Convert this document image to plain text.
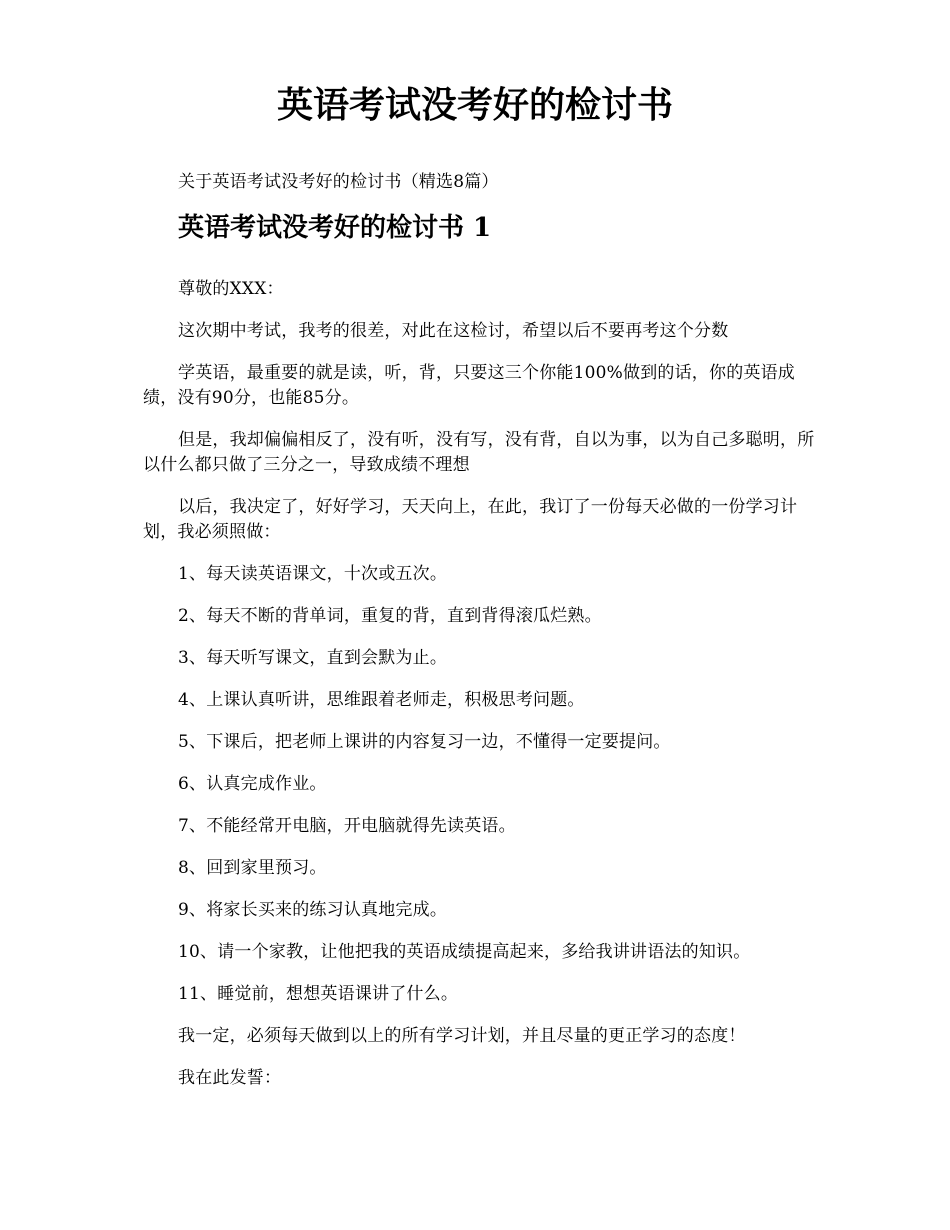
英语考试没考好的检讨书

关于英语考试没考好的检讨书（精选8篇）

英语考试没考好的检讨书 1

尊敬的XXX：

这次期中考试，我考的很差，对此在这检讨，希望以后不要再考这个分数

学英语，最重要的就是读，听，背，只要这三个你能100%做到的话，你的英语成绩，没有90分，也能85分。

但是，我却偏偏相反了，没有听，没有写，没有背，自以为事，以为自己多聪明，所以什么都只做了三分之一，导致成绩不理想

以后，我决定了，好好学习，天天向上，在此，我订了一份每天必做的一份学习计划，我必须照做：

1、每天读英语课文，十次或五次。

2、每天不断的背单词，重复的背，直到背得滚瓜烂熟。

3、每天听写课文，直到会默为止。

4、上课认真听讲，思维跟着老师走，积极思考问题。

5、下课后，把老师上课讲的内容复习一边，不懂得一定要提问。

6、认真完成作业。

7、不能经常开电脑，开电脑就得先读英语。

8、回到家里预习。

9、将家长买来的练习认真地完成。

10、请一个家教，让他把我的英语成绩提高起来，多给我讲讲语法的知识。

11、睡觉前，想想英语课讲了什么。

我一定，必须每天做到以上的所有学习计划，并且尽量的更正学习的态度！

我在此发誓：
